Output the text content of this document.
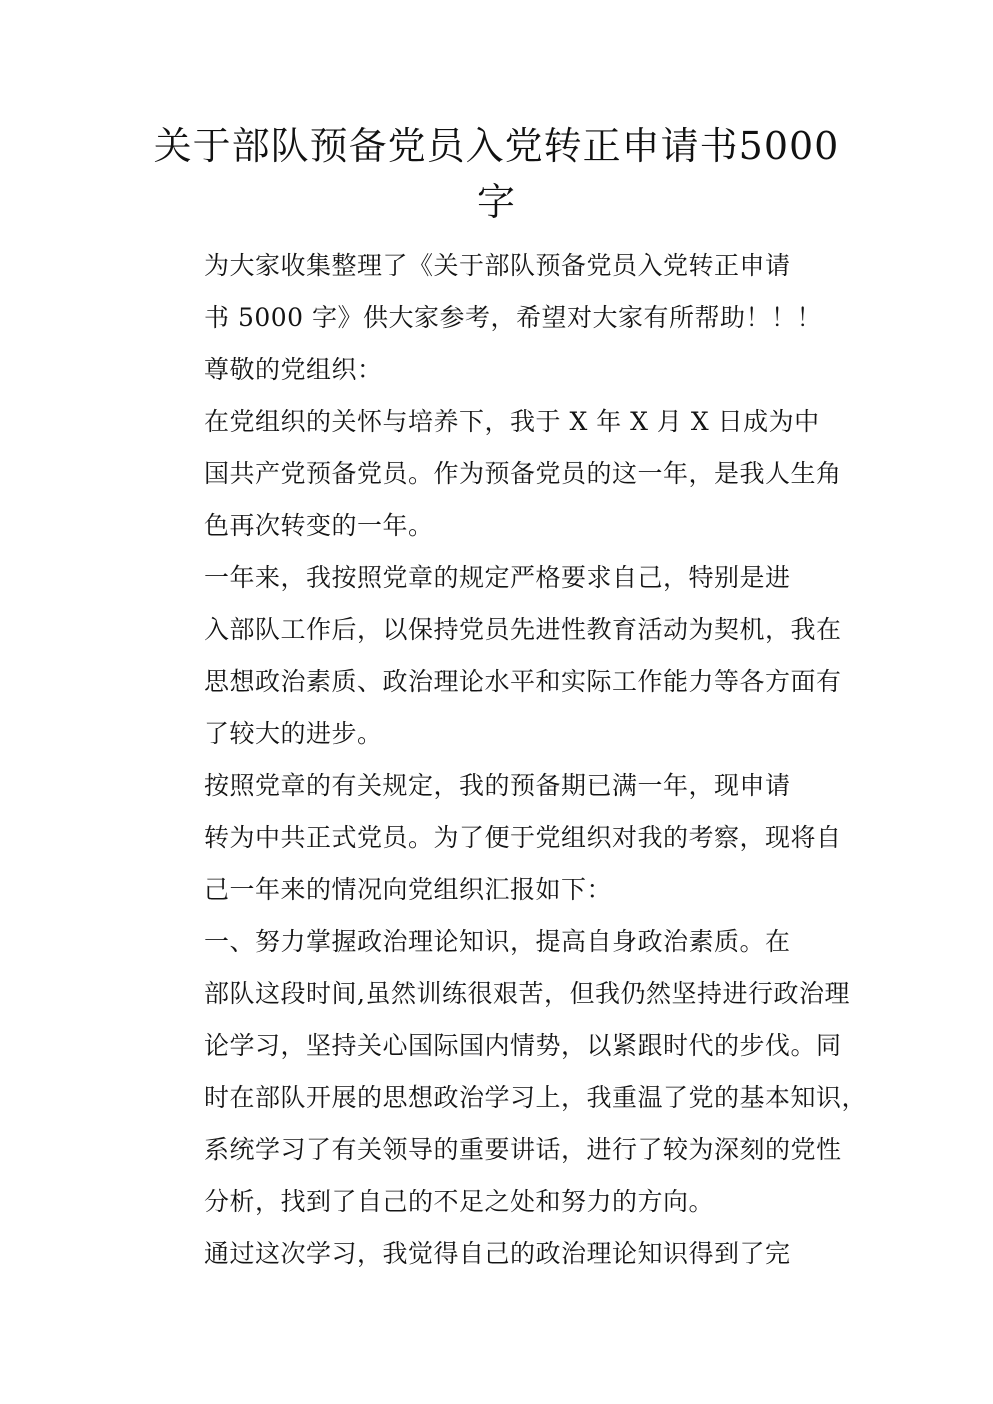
关于部队预备党员入党转正申请书5000
字

为大家收集整理了《关于部队预备党员入党转正申请
书 5000 字》供大家参考，希望对大家有所帮助！！！

尊敬的党组织：

在党组织的关怀与培养下，我于 X 年 X 月 X 日成为中
国共产党预备党员。作为预备党员的这一年，是我人生角
色再次转变的一年。

一年来，我按照党章的规定严格要求自己，特别是进
入部队工作后，以保持党员先进性教育活动为契机，我在
思想政治素质、政治理论水平和实际工作能力等各方面有
了较大的进步。

按照党章的有关规定，我的预备期已满一年，现申请
转为中共正式党员。为了便于党组织对我的考察，现将自
己一年来的情况向党组织汇报如下：

一、努力掌握政治理论知识，提高自身政治素质。在
部队这段时间,虽然训练很艰苦，但我仍然坚持进行政治理
论学习，坚持关心国际国内情势，以紧跟时代的步伐。同
时在部队开展的思想政治学习上，我重温了党的基本知识，
系统学习了有关领导的重要讲话，进行了较为深刻的党性
分析，找到了自己的不足之处和努力的方向。

通过这次学习，我觉得自己的政治理论知识得到了完
